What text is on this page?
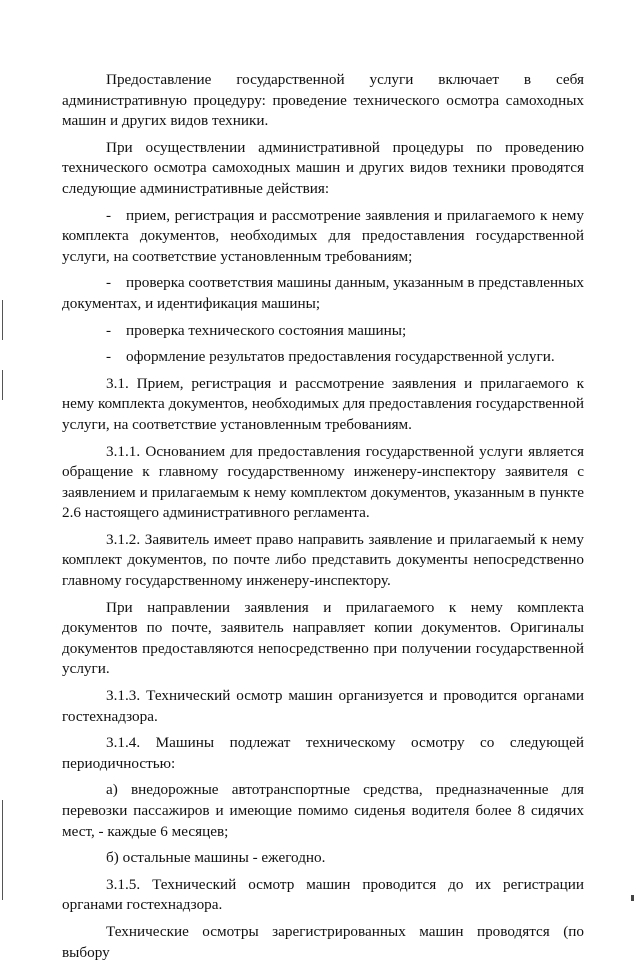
Предоставление государственной услуги включает в себя административную процедуру: проведение технического осмотра самоходных машин и других видов техники.

При осуществлении административной процедуры по проведению технического осмотра самоходных машин и других видов техники проводятся следующие административные действия:

- прием, регистрация и рассмотрение заявления и прилагаемого к нему комплекта документов, необходимых для предоставления государственной услуги, на соответствие установленным требованиям;

- проверка соответствия машины данным, указанным в представленных документах, и идентификация машины;

- проверка технического состояния машины;

- оформление результатов предоставления государственной услуги.

3.1. Прием, регистрация и рассмотрение заявления и прилагаемого к нему комплекта документов, необходимых для предоставления государственной услуги, на соответствие установленным требованиям.

3.1.1. Основанием для предоставления государственной услуги является обращение к главному государственному инженеру-инспектору заявителя с заявлением и прилагаемым к нему комплектом документов, указанным в пункте 2.6 настоящего административного регламента.

3.1.2. Заявитель имеет право направить заявление и прилагаемый к нему комплект документов, по почте либо представить документы непосредственно главному государственному инженеру-инспектору.

При направлении заявления и прилагаемого к нему комплекта документов по почте, заявитель направляет копии документов. Оригиналы документов предоставляются непосредственно при получении государственной услуги.

3.1.3. Технический осмотр машин организуется и проводится органами гостехнадзора.

3.1.4. Машины подлежат техническому осмотру со следующей периодичностью:

а) внедорожные автотранспортные средства, предназначенные для перевозки пассажиров и имеющие помимо сиденья водителя более 8 сидячих мест, - каждые 6 месяцев;

б) остальные машины - ежегодно.

3.1.5. Технический осмотр машин проводится до их регистрации органами гостехнадзора.

Технические осмотры зарегистрированных машин проводятся (по выбору
